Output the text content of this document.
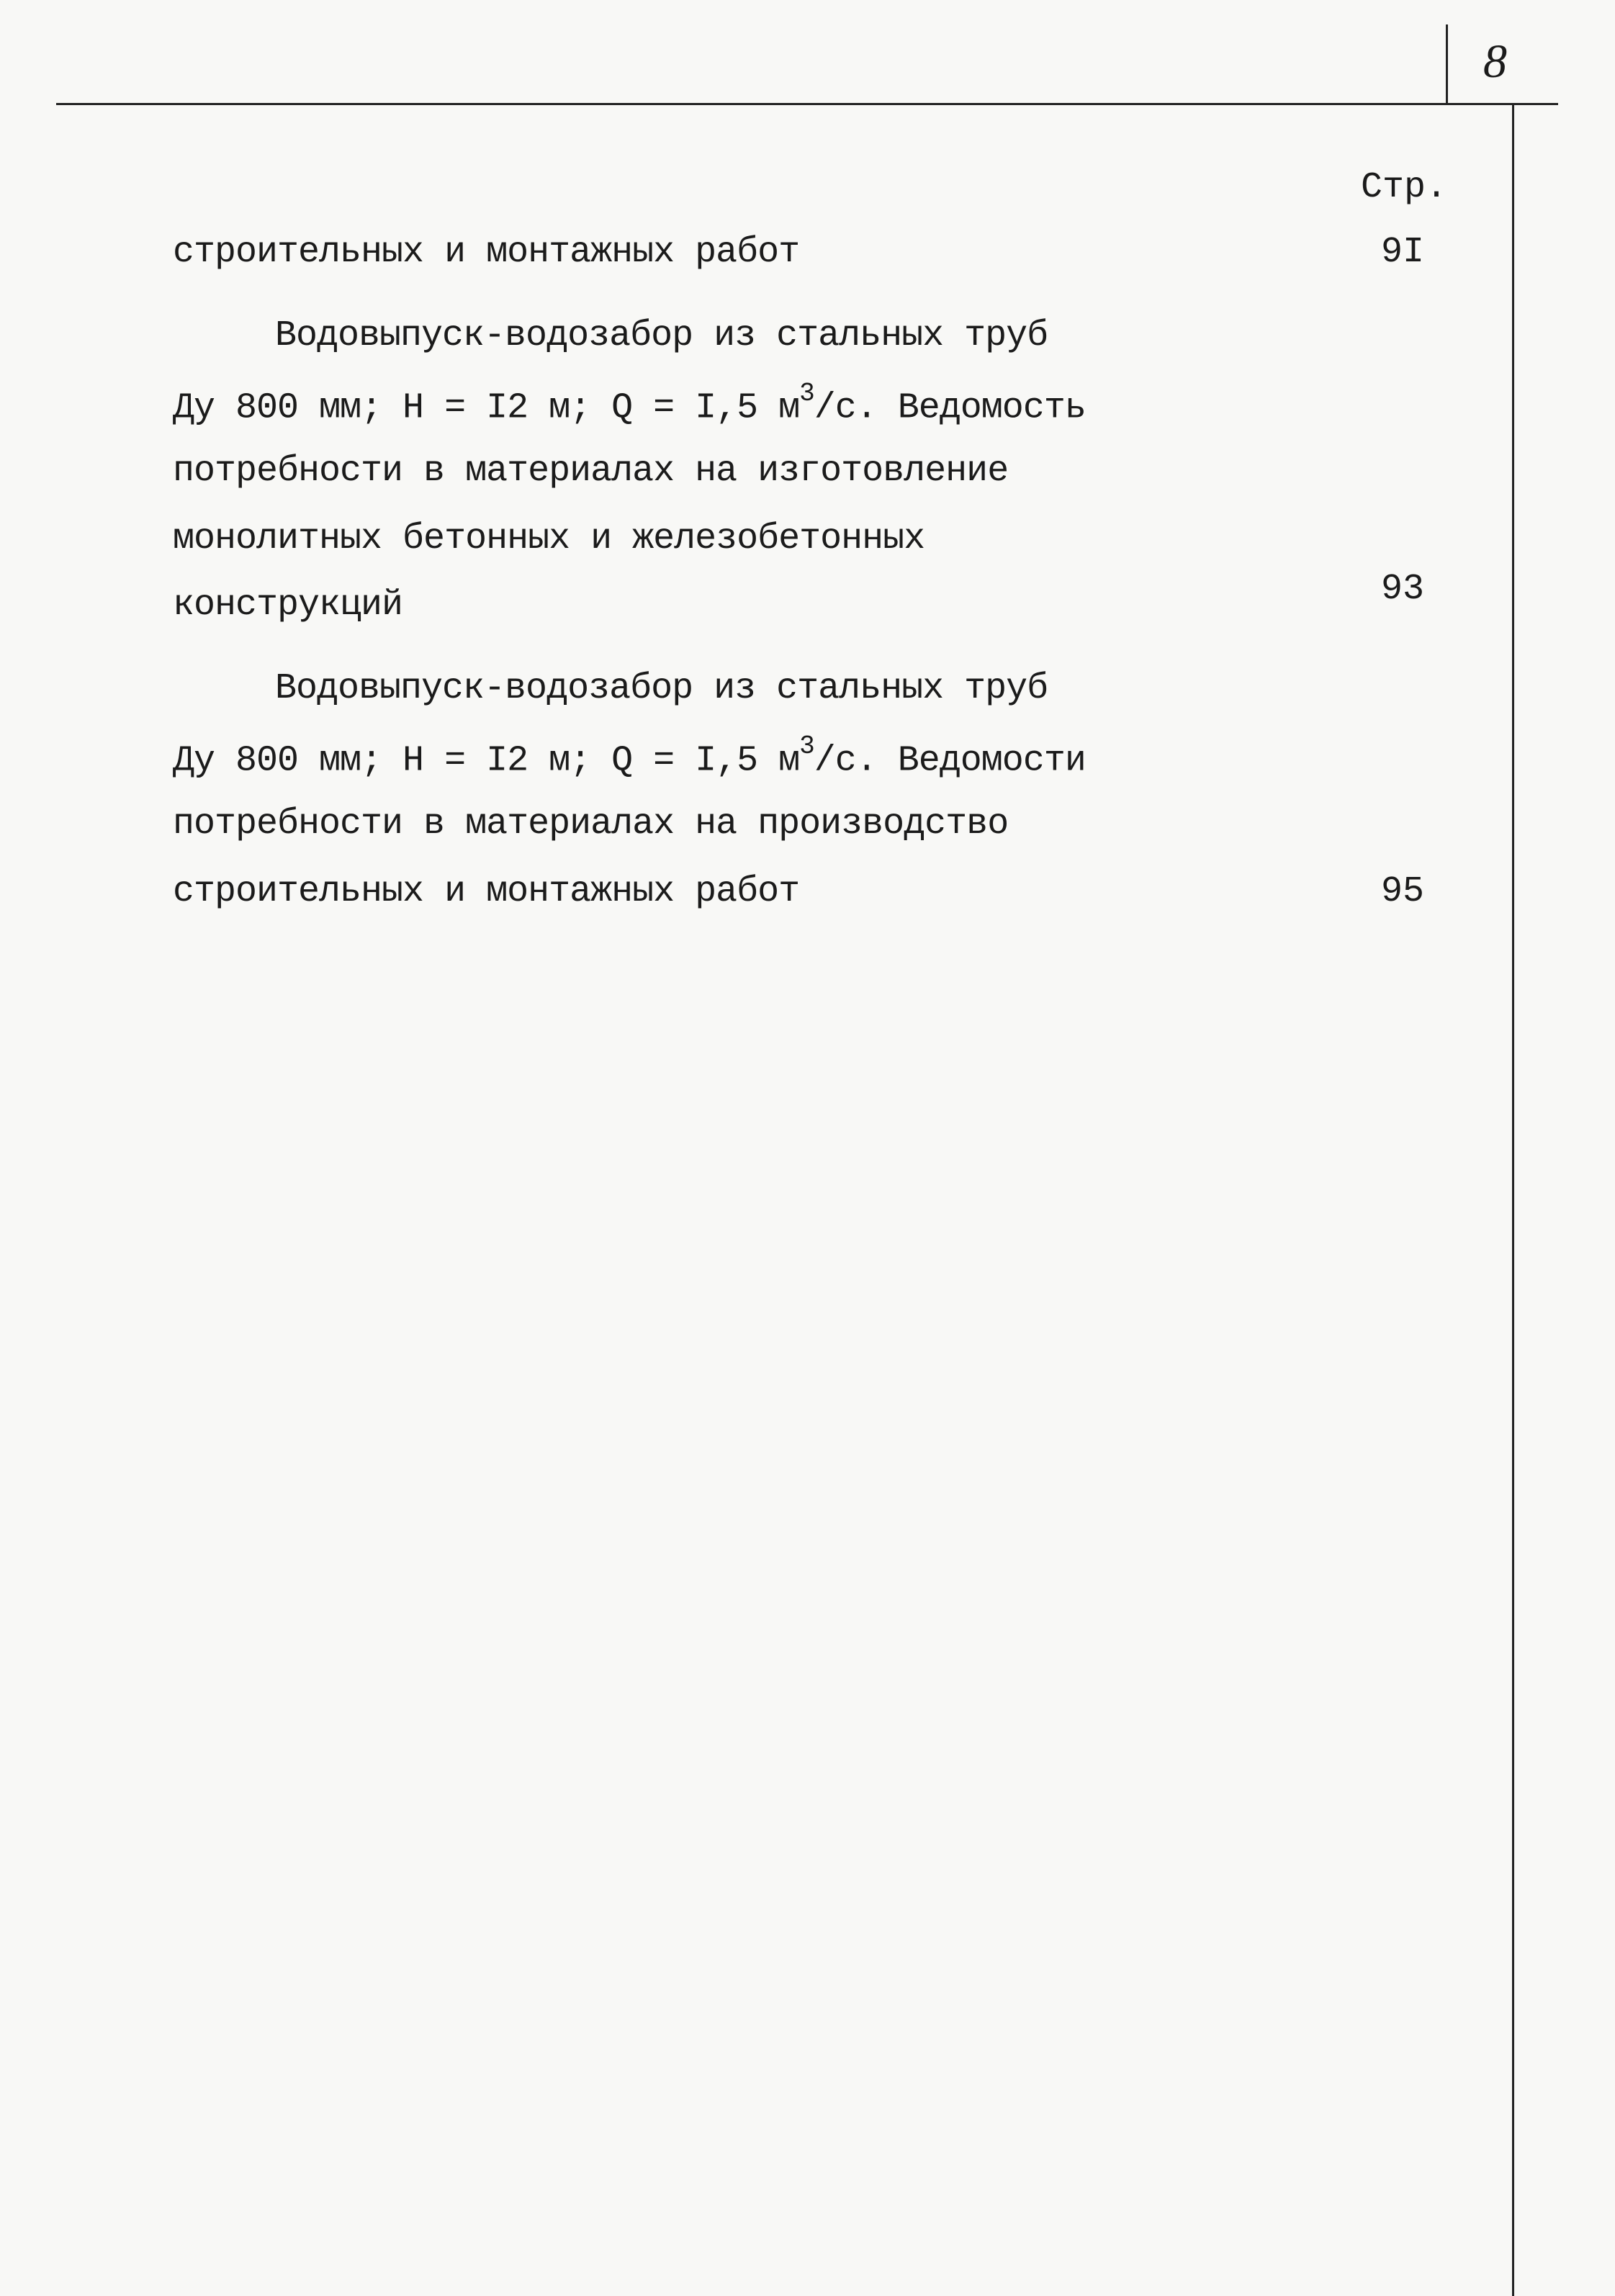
8
Стр.
строительных и монтажных работ	9I
Водовыпуск-водозабор из стальных труб
Ду 800 мм; Н = I2 м; Q = I,5 $м^3/с$. Ведомость
потребности в материалах на изготовление
монолитных бетонных и железобетонных
конструкций	93
Водовыпуск-водозабор из стальных труб
Ду 800 мм; Н = I2 м; Q = I,5 $м^3/с$. Ведомости
потребности в материалах на производство
строительных и монтажных работ	95
